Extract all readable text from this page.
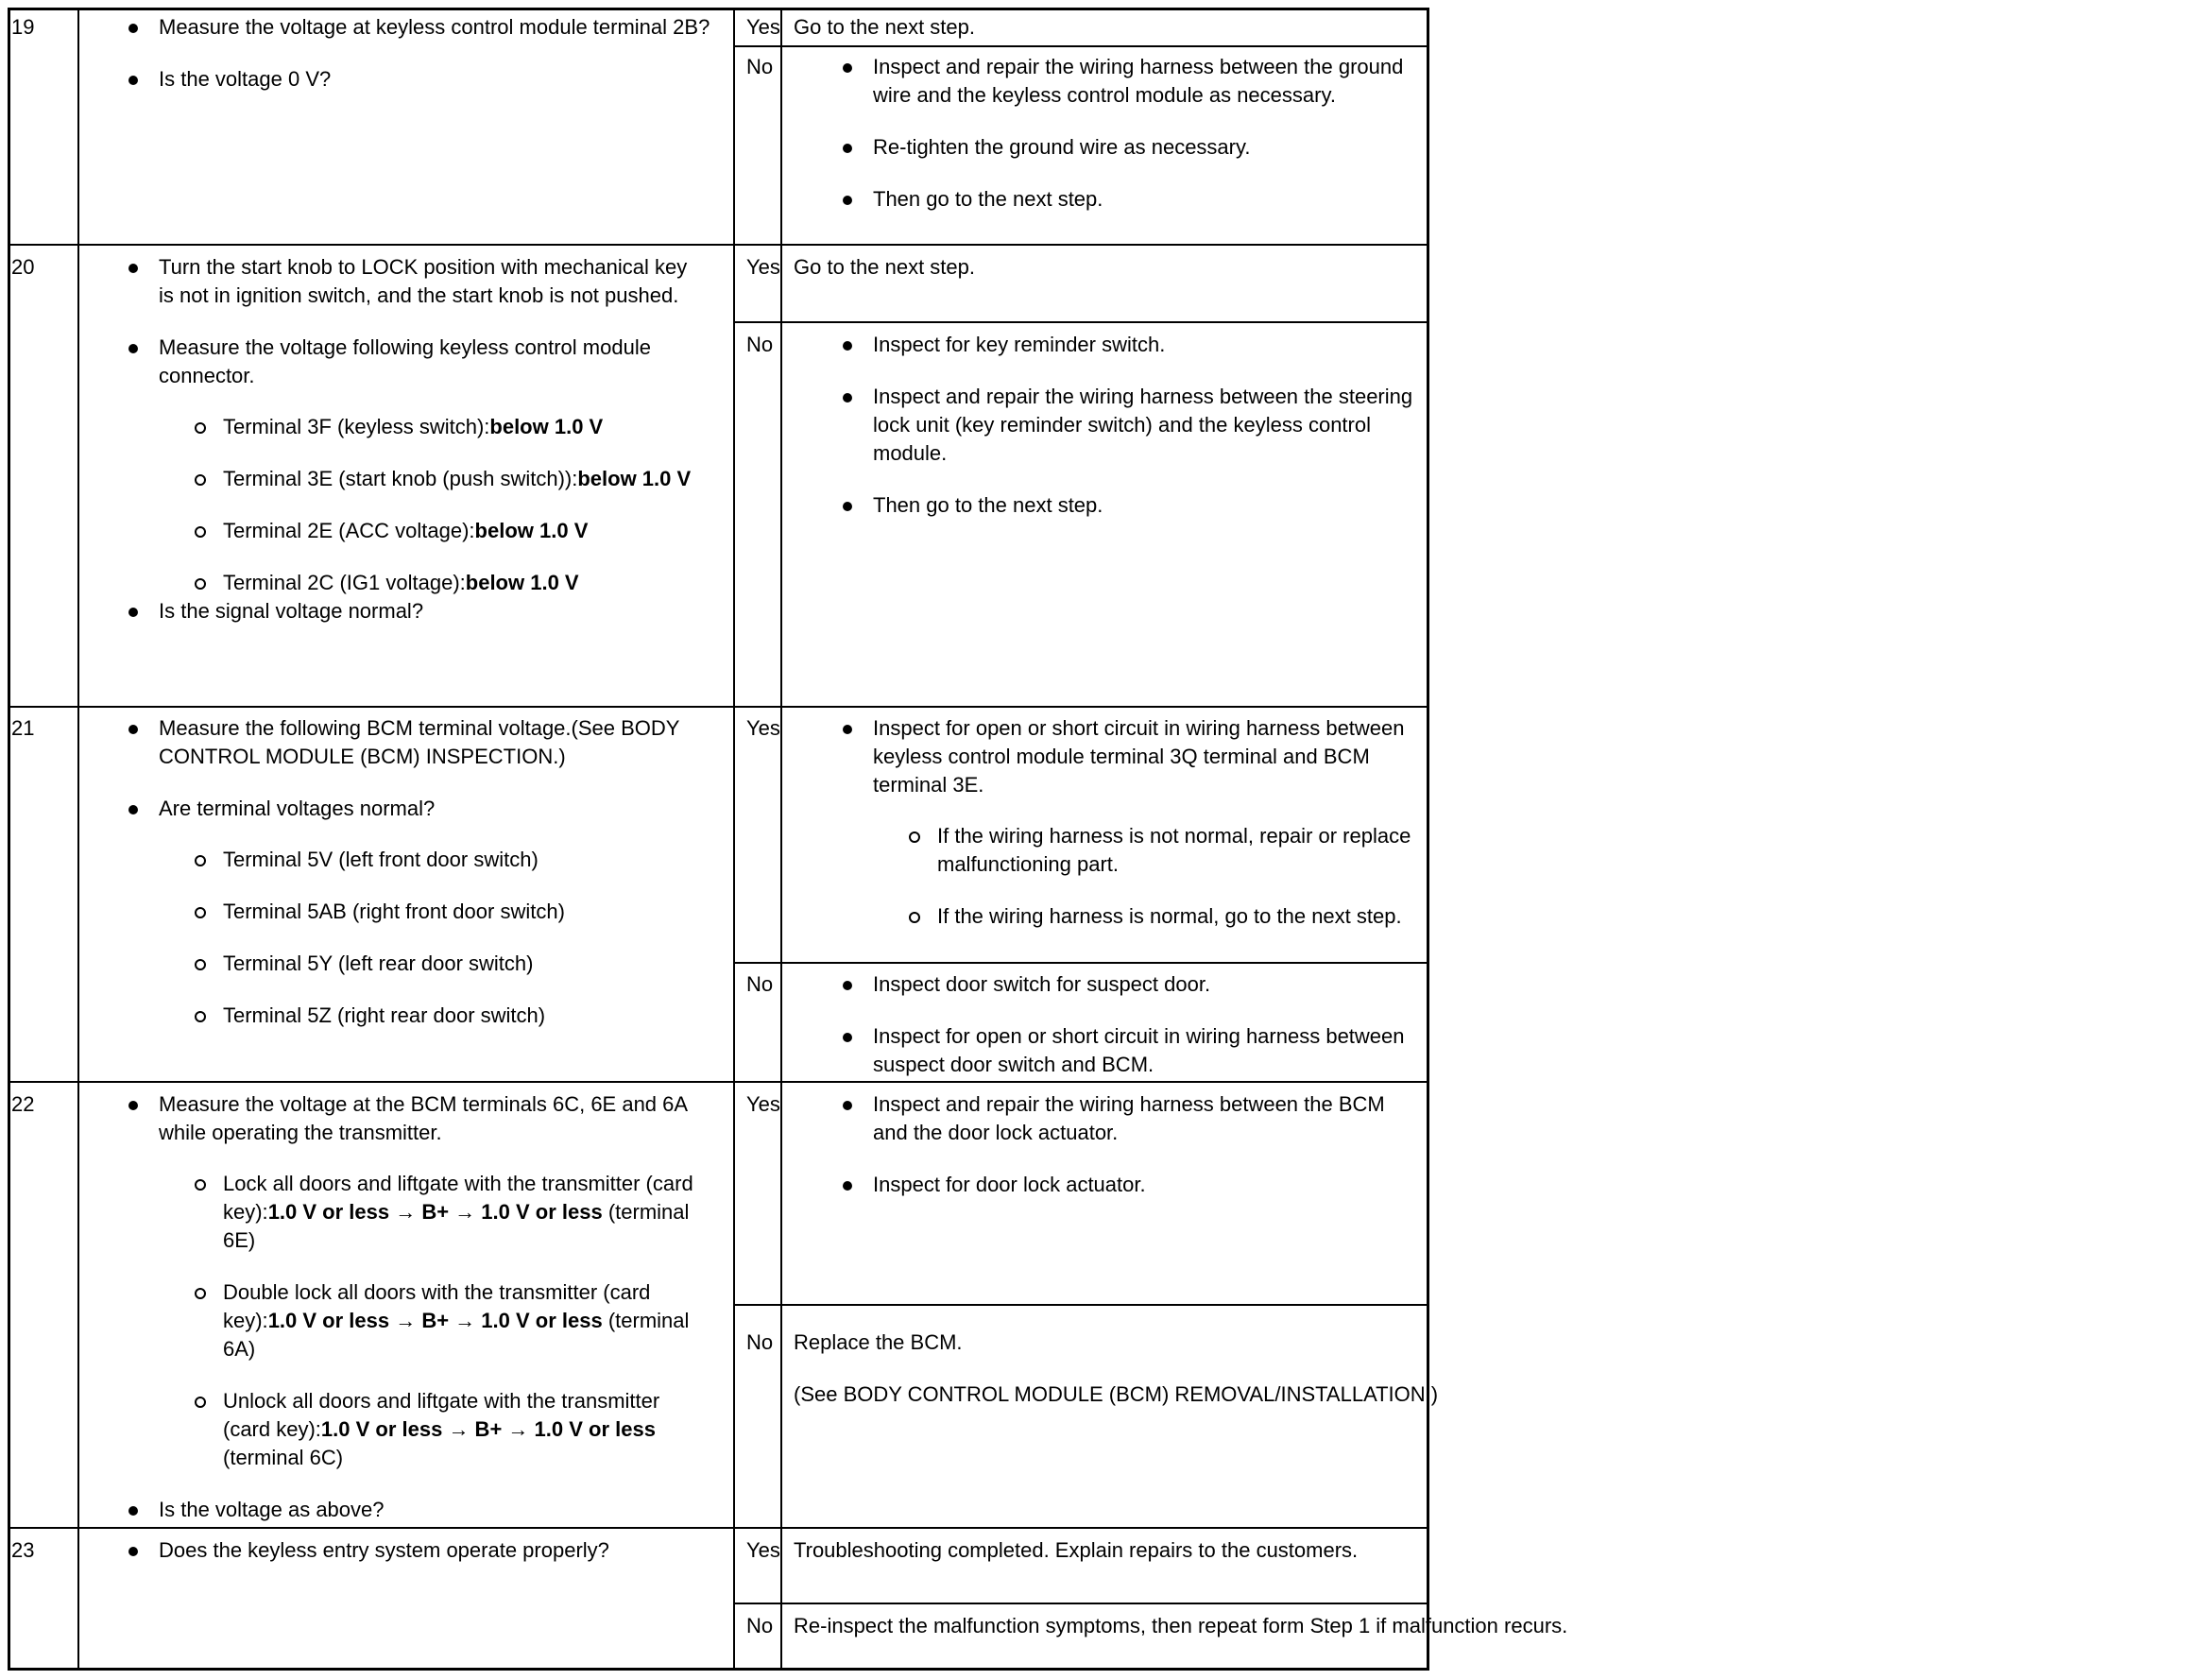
19	Measure the voltage at keyless control module terminal 2B?
Is the voltage 0 V?
Yes Go to the next step.

No	Inspect and repair the wiring harness between the ground wire and the keyless control module as necessary.
Re-tighten the ground wire as necessary.
Then go to the next step.
20	Turn the start knob to LOCK position with mechanical key is not in ignition switch, and the start knob is not pushed.
Measure the voltage following keyless control module connector.
Terminal 3F (keyless switch):below 1.0 V
Terminal 3E (start knob (push switch)):below 1.0 V
Terminal 2E (ACC voltage):below 1.0 V
Terminal 2C (IG1 voltage):below 1.0 V
Is the signal voltage normal?
Yes Go to the next step.

No	Inspect for key reminder switch.
Inspect and repair the wiring harness between the steering lock unit (key reminder switch) and the keyless control module.
Then go to the next step.
21	Measure the following BCM terminal voltage.(See BODY CONTROL MODULE (BCM) INSPECTION.)
Are terminal voltages normal?
Terminal 5V (left front door switch)
Terminal 5AB (right front door switch)
Terminal 5Y (left rear door switch)
Terminal 5Z (right rear door switch)
Yes	Inspect for open or short circuit in wiring harness between keyless control module terminal 3Q terminal and BCM terminal 3E.
If the wiring harness is not normal, repair or replace malfunctioning part.
If the wiring harness is normal, go to the next step.
No	Inspect door switch for suspect door.
Inspect for open or short circuit in wiring harness between suspect door switch and BCM.
22	Measure the voltage at the BCM terminals 6C, 6E and 6A while operating the transmitter.
Lock all doors and liftgate with the transmitter (card key):1.0 V or less → B+ → 1.0 V or less (terminal 6E)
Double lock all doors with the transmitter (card key):1.0 V or less → B+ → 1.0 V or less (terminal 6A)
Unlock all doors and liftgate with the transmitter (card key):1.0 V or less → B+ → 1.0 V or less (terminal 6C)
Is the voltage as above?
Yes	Inspect and repair the wiring harness between the BCM and the door lock actuator.
Inspect for door lock actuator.
No Replace the BCM.

(See BODY CONTROL MODULE (BCM) REMOVAL/INSTALLATION.)

23	Does the keyless entry system operate properly?	Yes Troubleshooting completed. Explain repairs to the customers.

No Re-inspect the malfunction symptoms, then repeat form Step 1 if malfunction recurs.
